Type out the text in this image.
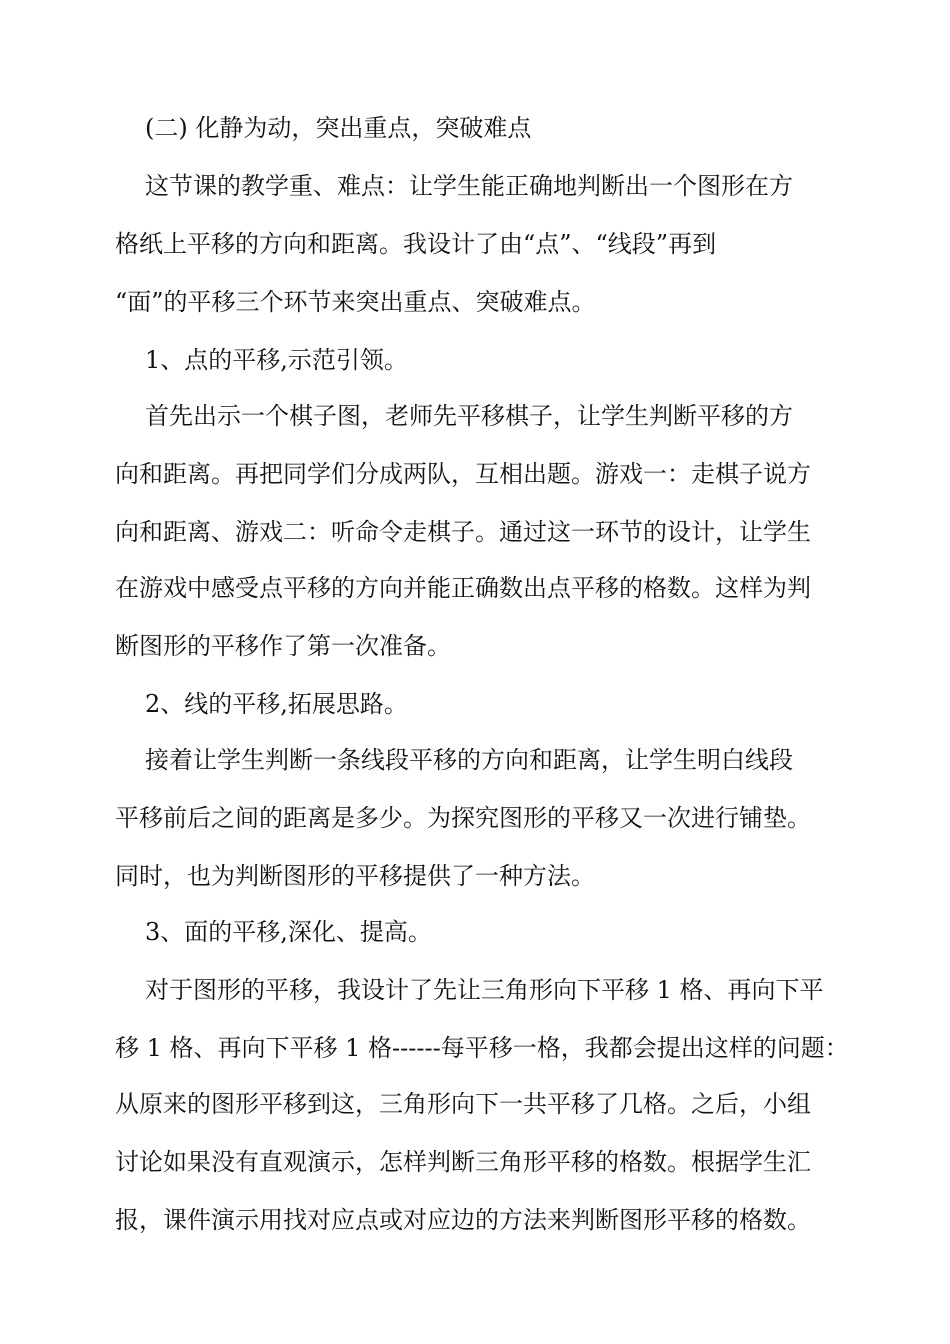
(二) 化静为动，突出重点，突破难点
这节课的教学重、难点：让学生能正确地判断出一个图形在方
格纸上平移的方向和距离。我设计了由“点”、“线段”再到
“面”的平移三个环节来突出重点、突破难点。
1、点的平移,示范引领。
首先出示一个棋子图，老师先平移棋子，让学生判断平移的方
向和距离。再把同学们分成两队，互相出题。游戏一：走棋子说方
向和距离、游戏二：听命令走棋子。通过这一环节的设计，让学生
在游戏中感受点平移的方向并能正确数出点平移的格数。这样为判
断图形的平移作了第一次准备。
2、线的平移,拓展思路。
接着让学生判断一条线段平移的方向和距离，让学生明白线段
平移前后之间的距离是多少。为探究图形的平移又一次进行铺垫。
同时，也为判断图形的平移提供了一种方法。
3、面的平移,深化、提高。
对于图形的平移，我设计了先让三角形向下平移 1 格、再向下平
移 1 格、再向下平移 1 格------每平移一格，我都会提出这样的问题：
从原来的图形平移到这，三角形向下一共平移了几格。之后，小组
讨论如果没有直观演示，怎样判断三角形平移的格数。根据学生汇
报，课件演示用找对应点或对应边的方法来判断图形平移的格数。
